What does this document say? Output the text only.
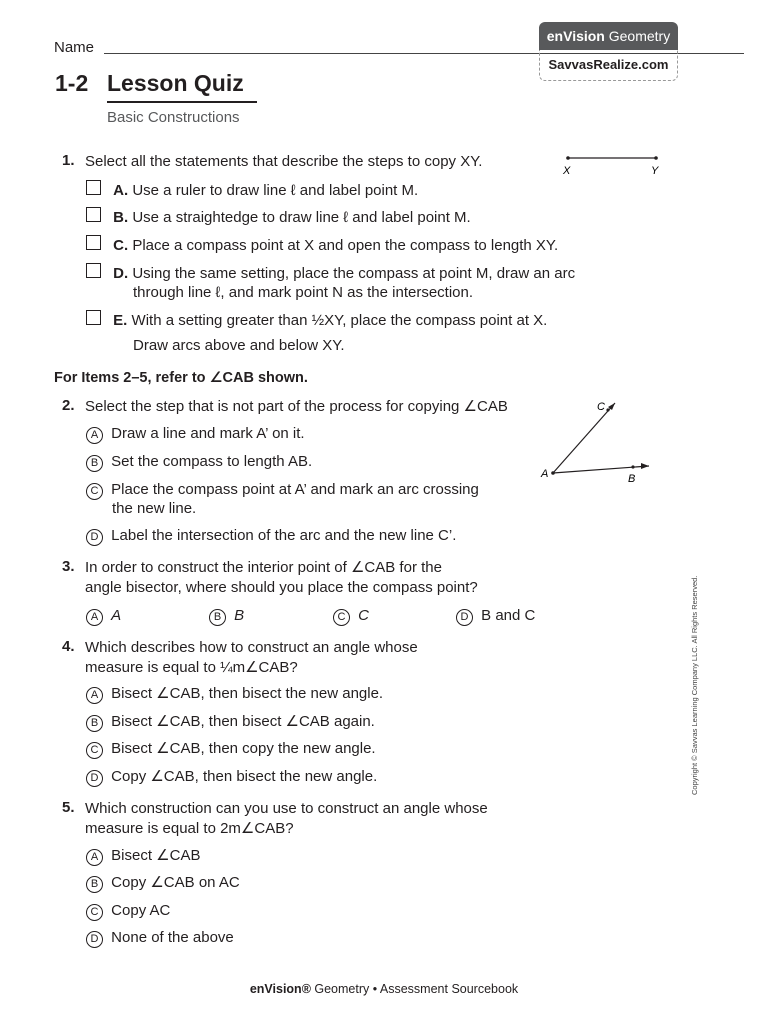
Name
enVision Geometry
SavvasRealize.com
1-2 Lesson Quiz
Basic Constructions
1. Select all the statements that describe the steps to copy XY.
X	Y
A. Use a ruler to draw line ℓ and label point M.
B. Use a straightedge to draw line ℓ and label point M.
C. Place a compass point at X and open the compass to length XY.
D. Using the same setting, place the compass at point M, draw an arc
through line ℓ, and mark point N as the intersection.
E. With a setting greater than ½XY, place the compass point at X.
Draw arcs above and below XY.
For Items 2–5, refer to ∠CAB shown.
C
A	B
2. Select the step that is not part of the process for copying ∠CAB
A Draw a line and mark A’ on it.
B Set the compass to length AB.
C Place the compass point at A’ and mark an arc crossing
the new line.
D Label the intersection of the arc and the new line C’.
3. In order to construct the interior point of ∠CAB for the
angle bisector, where should you place the compass point?
A A	B B	C C	D B and C
4. Which describes how to construct an angle whose
measure is equal to ¼m∠CAB?
A Bisect ∠CAB, then bisect the new angle.
B Bisect ∠CAB, then bisect ∠CAB again.
C Bisect ∠CAB, then copy the new angle.
D Copy ∠CAB, then bisect the new angle.
5. Which construction can you use to construct an angle whose
measure is equal to 2m∠CAB?
A Bisect ∠CAB
B Copy ∠CAB on AC
C Copy AC
D None of the above
Copyright © Savvas Learning Company LLC. All Rights Reserved.
enVision® Geometry • Assessment Sourcebook
